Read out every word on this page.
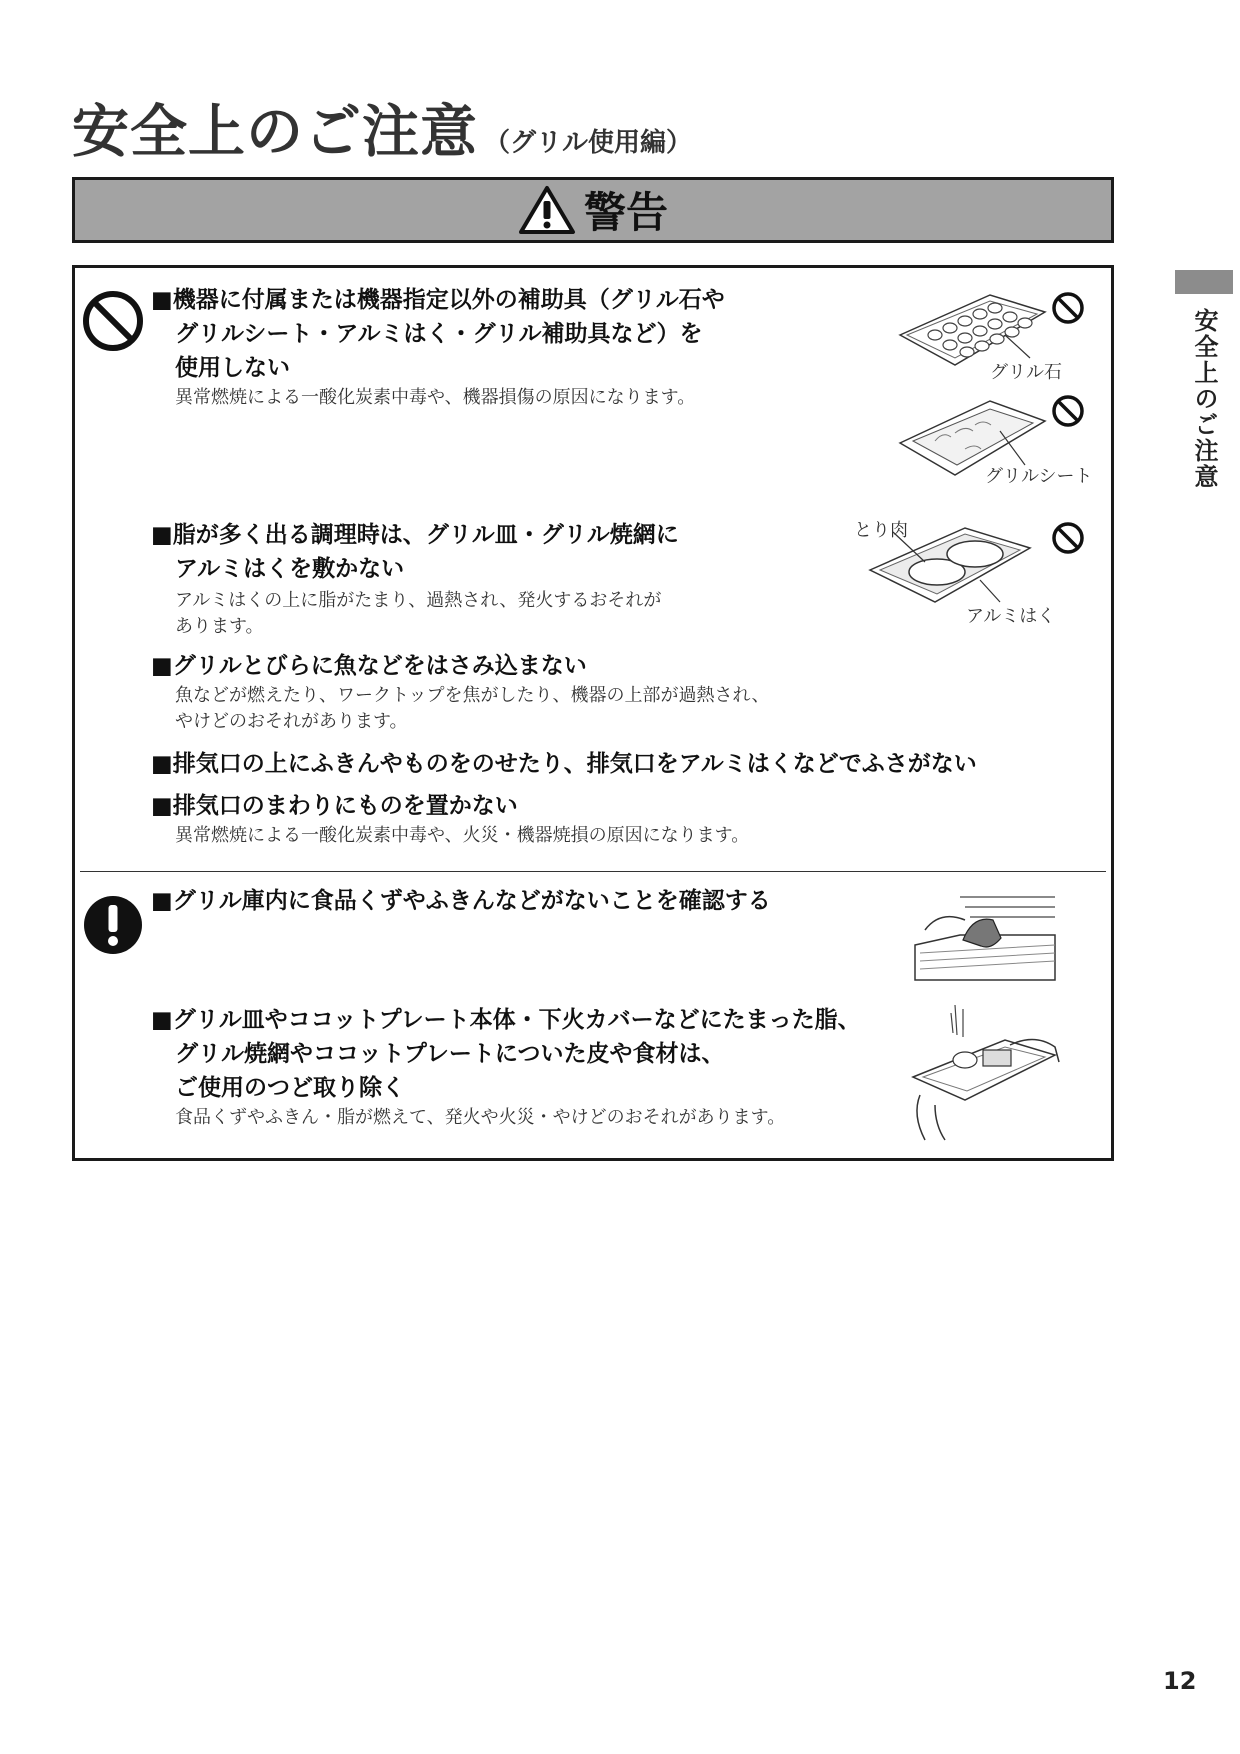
安全上のご注意 （グリル使用編）
警告
■機器に付属または機器指定以外の補助具（グリル石や
グリルシート・アルミはく・グリル補助具など）を
使用しない
異常燃焼による一酸化炭素中毒や、機器損傷の原因になります。
■脂が多く出る調理時は、グリル皿・グリル焼網に
アルミはくを敷かない
アルミはくの上に脂がたまり、過熱され、発火するおそれが
あります。
■グリルとびらに魚などをはさみ込まない
魚などが燃えたり、ワークトップを焦がしたり、機器の上部が過熱され、
やけどのおそれがあります。
■排気口の上にふきんやものをのせたり、排気口をアルミはくなどでふさがない
■排気口のまわりにものを置かない
異常燃焼による一酸化炭素中毒や、火災・機器焼損の原因になります。
グリル石
グリルシート
とり肉
アルミはく
■グリル庫内に食品くずやふきんなどがないことを確認する
■グリル皿やココットプレート本体・下火カバーなどにたまった脂、
グリル焼網やココットプレートについた皮や食材は、
ご使用のつど取り除く
食品くずやふきん・脂が燃えて、発火や火災・やけどのおそれがあります。
安全上のご注意
12
